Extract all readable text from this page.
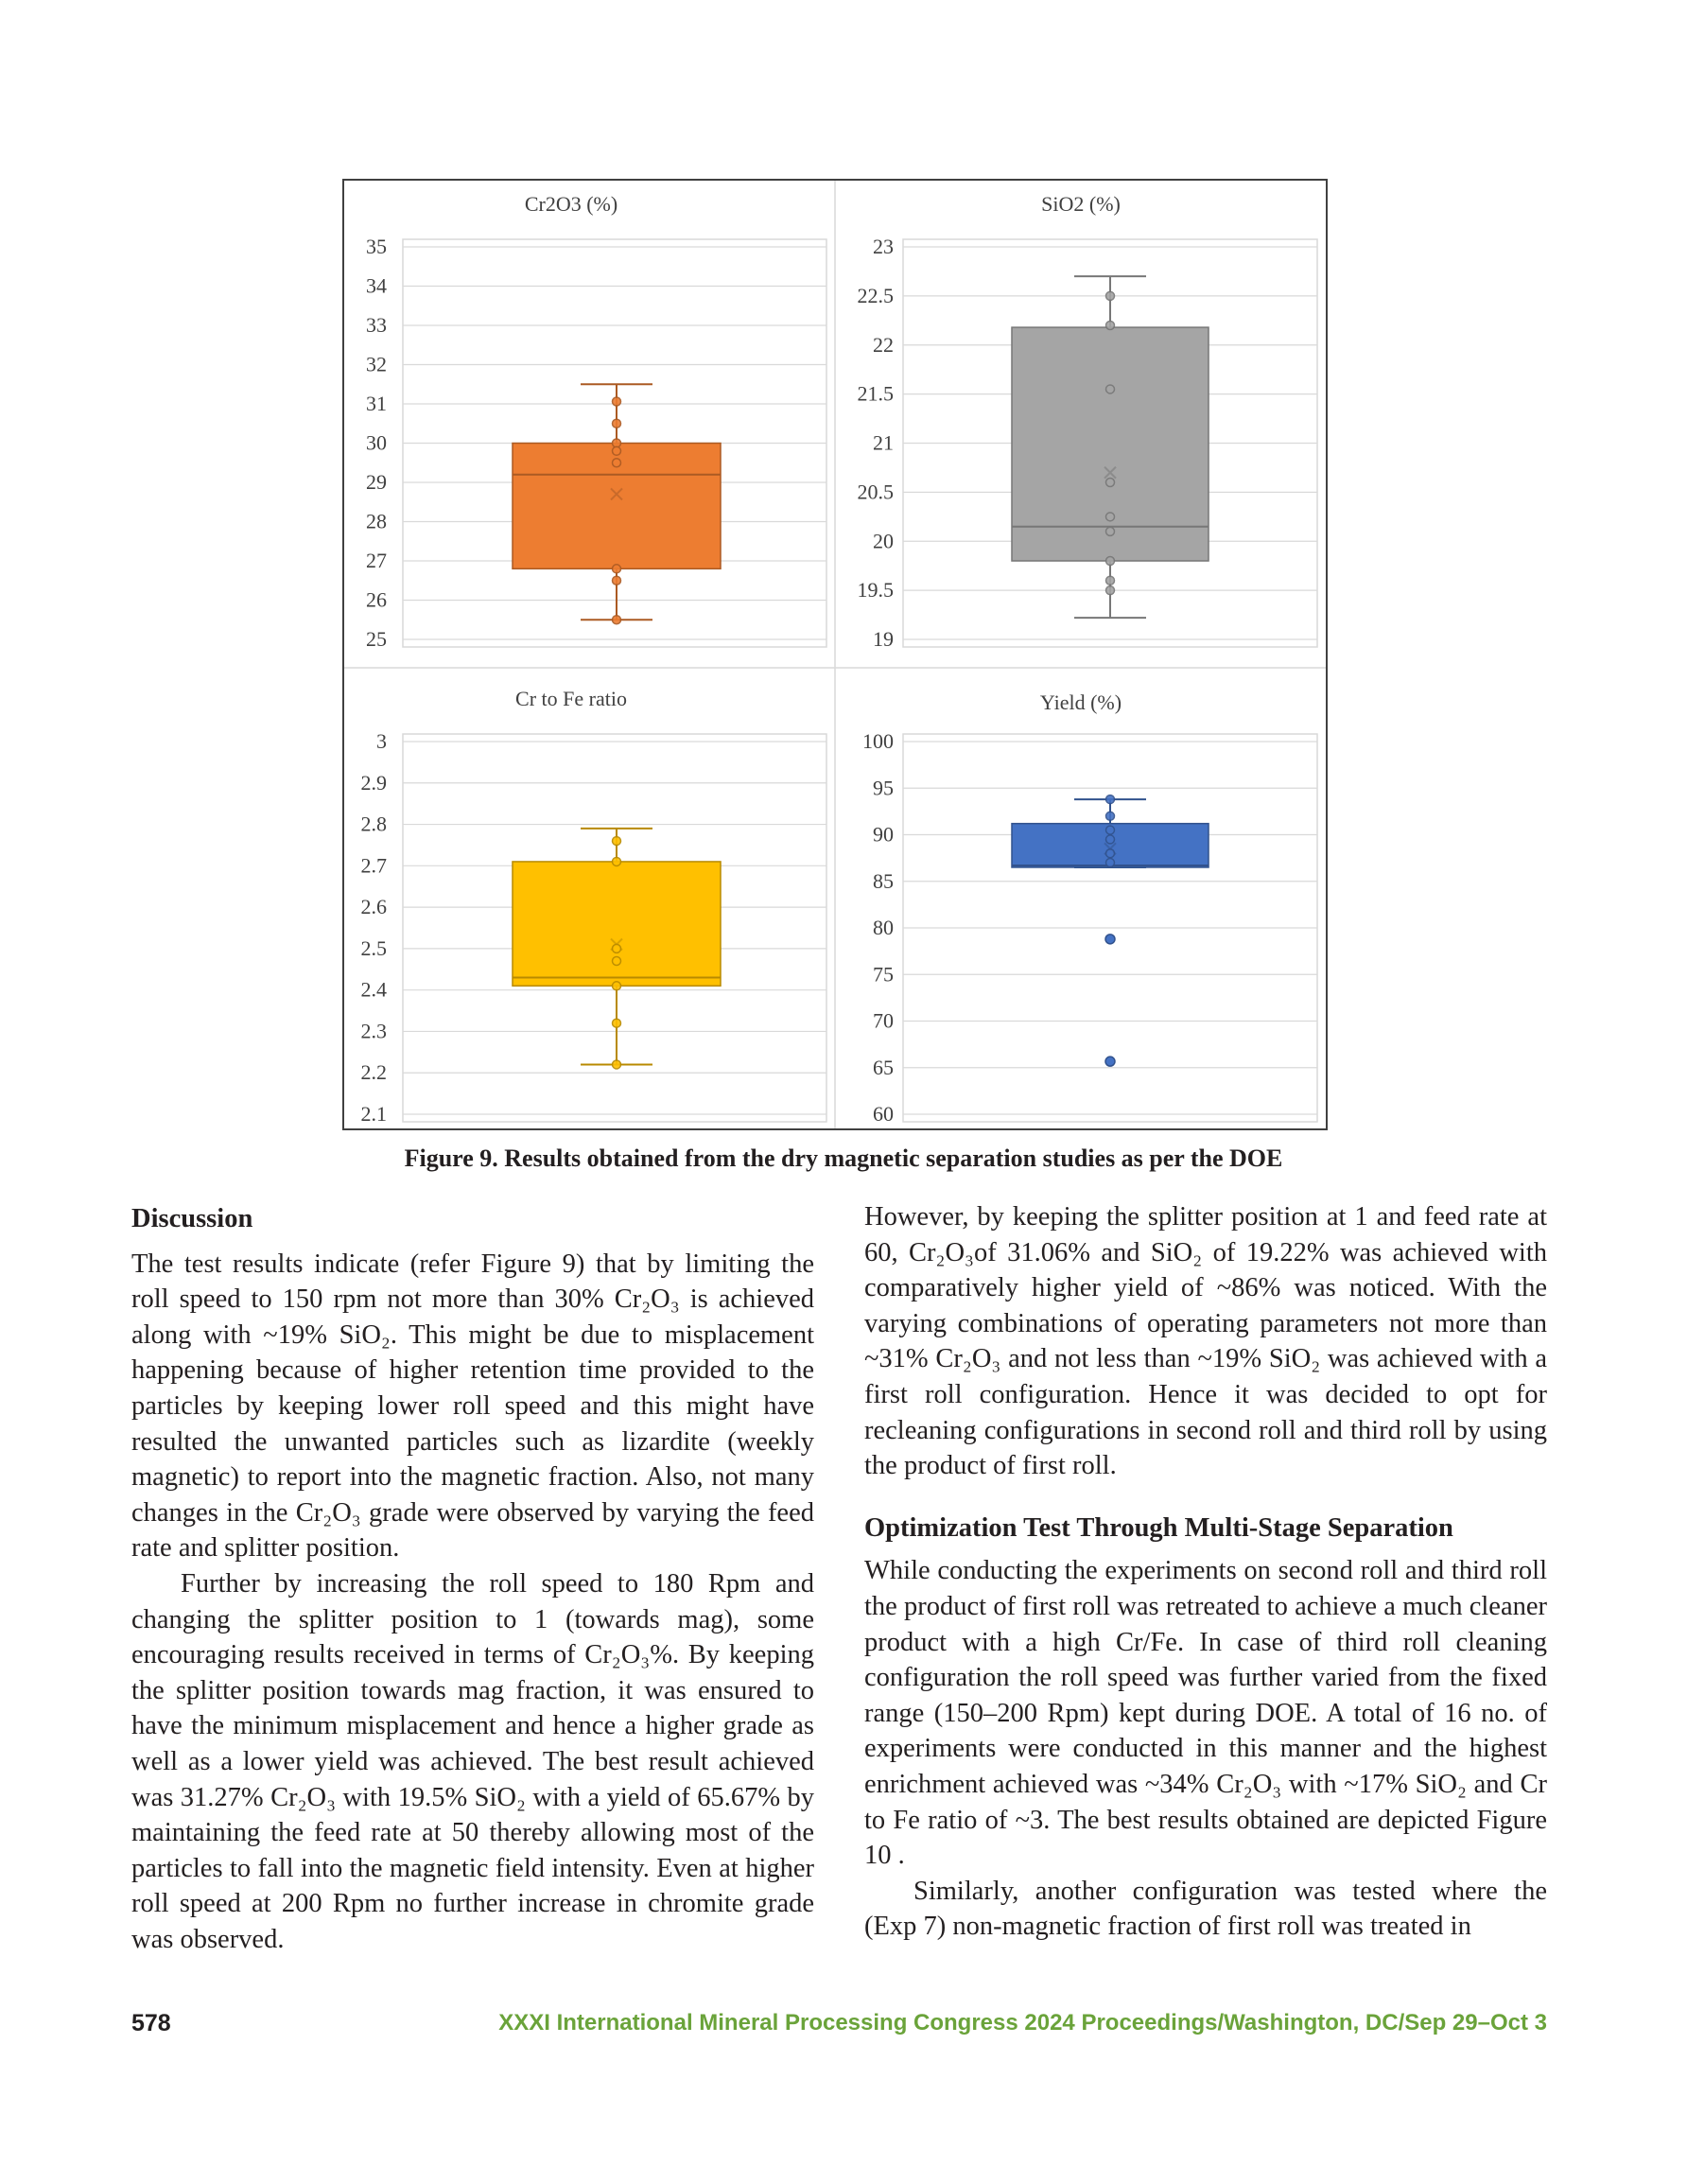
Cr2O3 (%)
35
34
33
32
31
30
29
28
27
26
25
SiO2 (%)
23
22.5
22
21.5
21
20.5
20
19.5
19
Cr to Fe ratio
3
2.9
2.8
2.7
2.6
2.5
2.4
2.3
2.2
2.1
Yield (%)
100
95
90
85
80
75
70
65
60
Figure 9. Results obtained from the dry magnetic separation studies as per the DOE
Discussion

The test results indicate (refer Figure 9) that by limiting the roll speed to 150 rpm not more than 30% Cr₂O₃ is achieved along with ~19% SiO₂. This might be due to misplacement happening because of higher retention time provided to the particles by keeping lower roll speed and this might have resulted the unwanted particles such as lizardite (weekly magnetic) to report into the magnetic fraction. Also, not many changes in the Cr₂O₃ grade were observed by varying the feed rate and splitter position.

Further by increasing the roll speed to 180 Rpm and changing the splitter position to 1 (towards mag), some encouraging results received in terms of Cr₂O₃%. By keeping the splitter position towards mag fraction, it was ensured to have the minimum misplacement and hence a higher grade as well as a lower yield was achieved. The best result achieved was 31.27% Cr₂O₃ with 19.5% SiO₂ with a yield of 65.67% by maintaining the feed rate at 50 thereby allowing most of the particles to fall into the magnetic field intensity. Even at higher roll speed at 200 Rpm no further increase in chromite grade was observed.

However, by keeping the splitter position at 1 and feed rate at 60, Cr₂O₃of 31.06% and SiO₂ of 19.22% was achieved with comparatively higher yield of ~86% was noticed. With the varying combinations of operating parameters not more than ~31% Cr₂O₃ and not less than ~19% SiO₂ was achieved with a first roll configuration. Hence it was decided to opt for recleaning configurations in second roll and third roll by using the product of first roll.

Optimization Test Through Multi-Stage Separation

While conducting the experiments on second roll and third roll the product of first roll was retreated to achieve a much cleaner product with a high Cr/Fe. In case of third roll cleaning configuration the roll speed was further varied from the fixed range (150–200 Rpm) kept during DOE. A total of 16 no. of experiments were conducted in this manner and the highest enrichment achieved was ~34% Cr₂O₃ with ~17% SiO₂ and Cr to Fe ratio of ~3. The best results obtained are depicted Figure 10 .

Similarly, another configuration was tested where the (Exp 7) non-magnetic fraction of first roll was treated in

578	XXXI International Mineral Processing Congress 2024 Proceedings/Washington, DC/Sep 29–Oct 3
